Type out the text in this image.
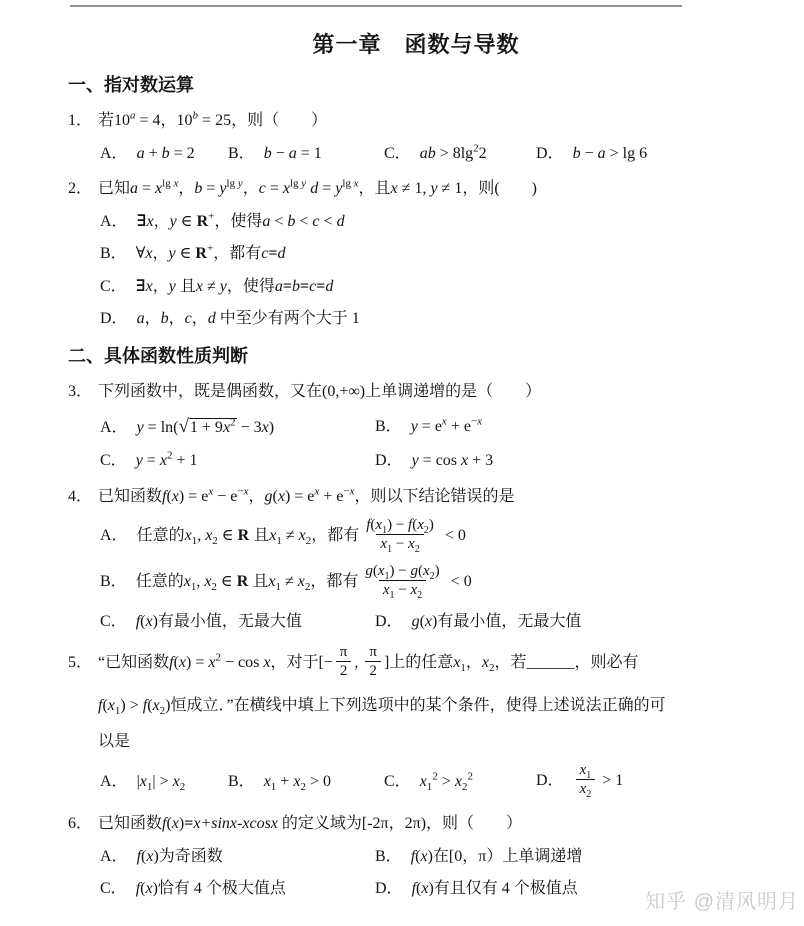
第一章　函数与导数
一、指对数运算
1． 若$10^a = 4$，$10^b = 25$，则（　　）
A． a + b = 2	B． b − a = 1	C． ab > $8\lg^22$	D． b − a > lg 6
2． 已知$a = x^{lg x}$，$b = y^{lg y}$，$c = x^{lg y}$ $d = y^{lg x}$，且x ≠ 1, y ≠ 1，则(　　)
A． ∃x，y ∈ R+，使得a < b < c < d
B． ∀x，y ∈ R+，都有c=d
C． ∃x，y 且x ≠ y，使得a=b=c=d
D． a，b，c，d 中至少有两个大于 1
二、具体函数性质判断
3． 下列函数中，既是偶函数，又在(0,+∞)上单调递增的是（　　）
A． $y = \ln(√1 + 9x^2 - 3x)$	B． $y = e^x + e^{-x}$
C． $y = x^2 + 1$	D． y = cos x + 3
4． 已知函数$f(x) = e^x - e^{-x}$，$g(x) = e^x + e^{-x}$，则以下结论错误的是
A． 任意的$x_1$, $x_2$ ∈ R 且$x_1 \ne x_2$，都有 $\frac{f(x_1) - f(x_2)}{x_1 - x_2} < 0$
B． 任意的$x_1$, $x_2$ ∈ R 且$x_1 \ne x_2$，都有 $\frac{g(x_1) - g(x_2)}{x_1 - x_2} < 0$
C． f(x)有最小值，无最大值	D． g(x)有最小值，无最大值
5． “已知函数$f(x) = x^2 - \cos x$，对于[− $\frac{\pi}{2}$ , $\frac{\pi}{2}$ ]上的任意$x_1$，$x_2$，若______，则必有
$f(x_1) > f(x_2)$恒成立．”在横线中填上下列选项中的某个条件，使得上述说法正确的可
以是
A． $|x_1| > x_2$	B． $x_1 + x_2 > 0$	C． $x_1^2 > x_2^2$	D． $\frac{x_1}{x_2} > 1$
6． 已知函数f(x)=x+sinx-xcosx 的定义域为[-2π，2π)，则（　　）
A． f(x)为奇函数	B． f(x)在[0，π）上单调递增
C． f(x)恰有 4 个极大值点	D． f(x)有且仅有 4 个极值点
知乎 @清风明月
